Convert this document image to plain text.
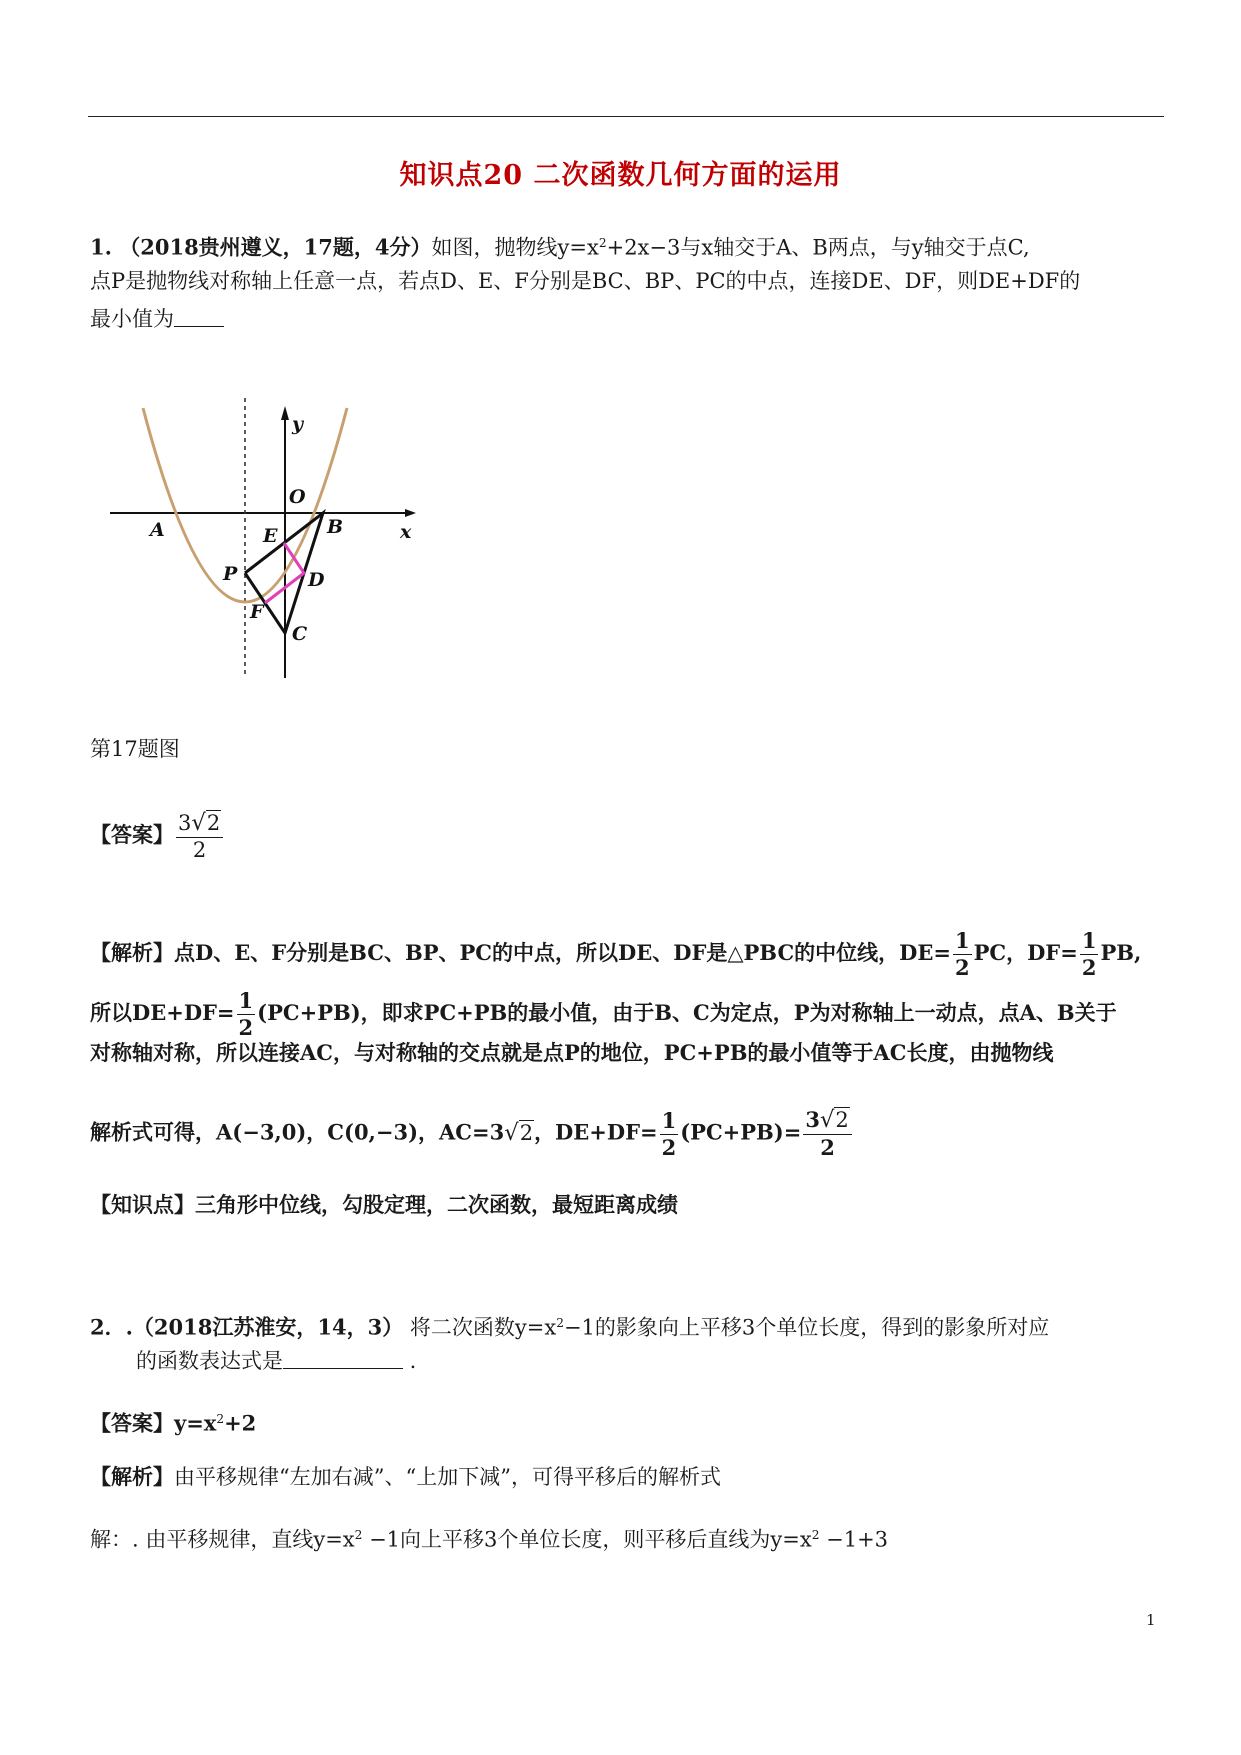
知识点20 二次函数几何方面的运用
1. （2018贵州遵义，17题，4分）如图，抛物线$y=x^2+2x-3$与x轴交于A、B两点，与y轴交于点C,
点P是抛物线对称轴上任意一点，若点D、E、F分别是BC、BP、PC的中点，连接DE、DF，则DE+DF的
最小值为
y
O
x
A	B
E
P	D
F
C
第17题图
【答案】 $\frac{3√2}{2}$
【解析】点D、E、F分别是BC、BP、PC的中点，所以DE、DF是△PBC的中位线，$DE= \frac{1}{2}$ PC，$DF= \frac{1}{2}$ PB,
所以$DE+DF= \frac{1}{2} (PC+PB)$，即求PC+PB的最小值，由于B、C为定点，P为对称轴上一动点，点A、B关于
对称轴对称，所以连接AC，与对称轴的交点就是点P的地位，PC+PB的最小值等于AC长度，由抛物线
解析式可得，A(−3,0)，C(0,−3)，AC=3√2，$DE+DF= \frac{1}{2} (PC+PB)= \frac{3√2}{2}$
【知识点】三角形中位线，勾股定理，二次函数，最短距离成绩
2．.（2018江苏淮安，14，3） 将二次函数$y=x^2-1$的影象向上平移3个单位长度，得到的影象所对应
的函数表达式是	.
【答案】$y=x^2+2$
【解析】由平移规律“左加右减”、“上加下减”，可得平移后的解析式
解：. 由平移规律，直线$y=x^2 -1$向上平移3个单位长度，则平移后直线为$y=x^2 -1+3$
1
